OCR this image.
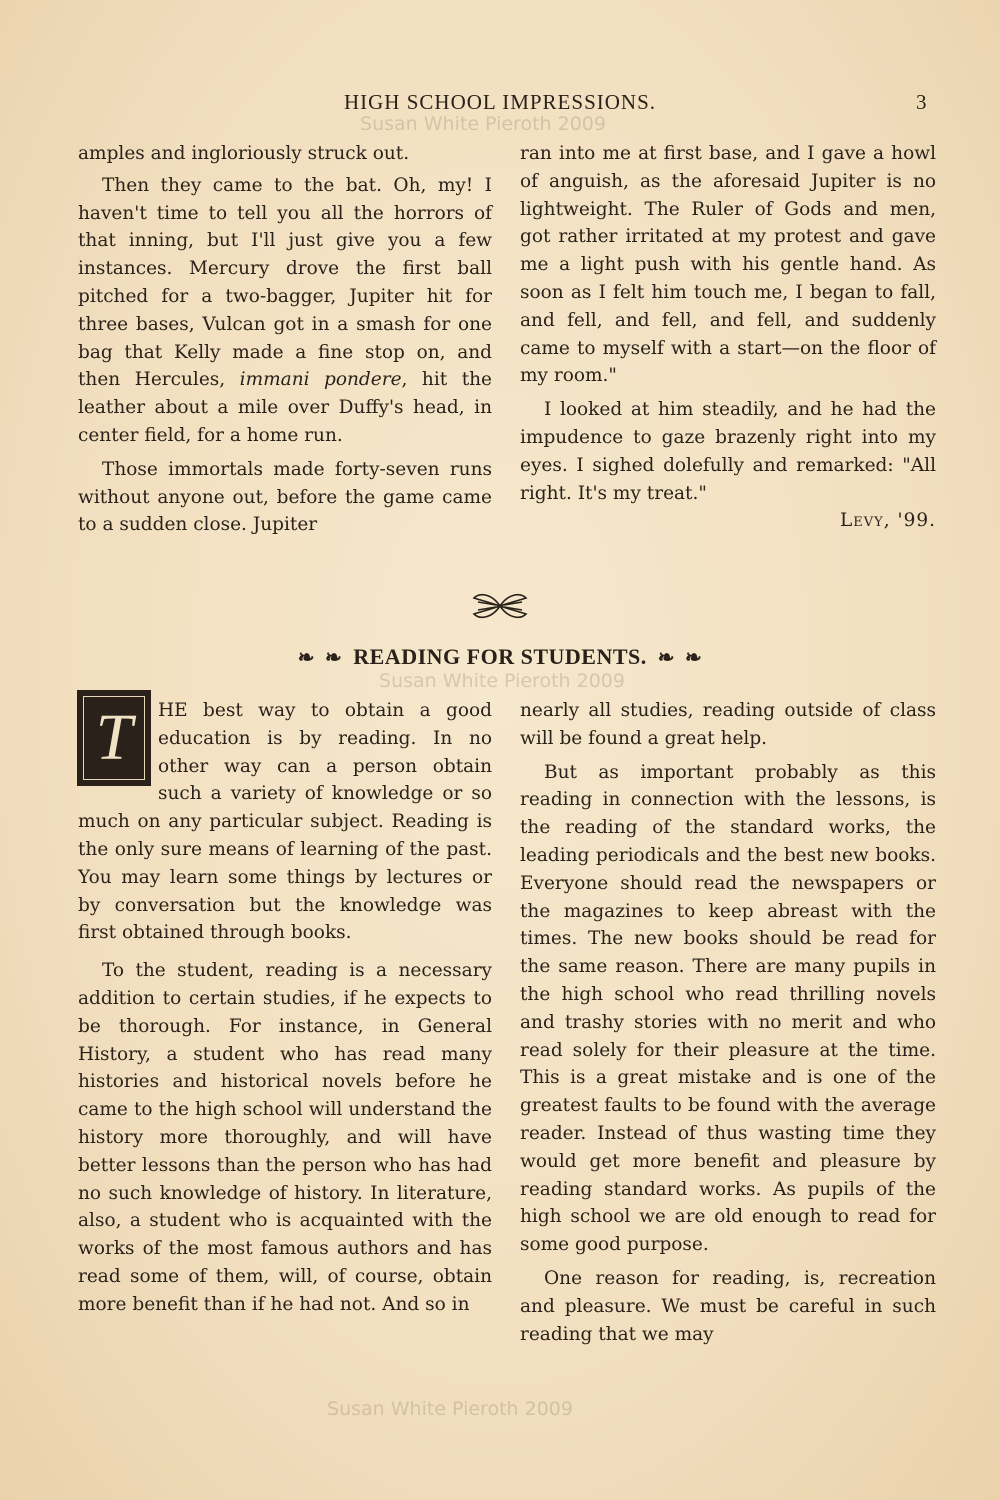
HIGH SCHOOL IMPRESSIONS.	3
Susan White Pieroth 2009
Susan White Pieroth 2009
Susan White Pieroth 2009

amples and ingloriously struck out.

Then they came to the bat. Oh, my! I haven't time to tell you all the horrors of that inning, but I'll just give you a few instances. Mercury drove the first ball pitched for a two-bagger, Jupiter hit for three bases, Vulcan got in a smash for one bag that Kelly made a fine stop on, and then Hercules, immani pondere, hit the leather about a mile over Duffy's head, in center field, for a home run.

Those immortals made forty-seven runs without anyone out, before the game came to a sudden close. Jupiter

ran into me at first base, and I gave a howl of anguish, as the aforesaid Jupiter is no lightweight. The Ruler of Gods and men, got rather irritated at my protest and gave me a light push with his gentle hand. As soon as I felt him touch me, I began to fall, and fell, and fell, and fell, and suddenly came to myself with a start—on the floor of my room."

I looked at him steadily, and he had the impudence to gaze brazenly right into my eyes. I sighed dolefully and remarked: "All right. It's my treat."

Levy, '99.

❧ ❧ READING FOR STUDENTS. ❧ ❧
T	HE best way to obtain a good education is by reading. In no other way can a person obtain such a variety of knowledge or so much on any particular subject. Reading is the only sure means of learning of the past. You may learn some things by lectures or by conversation but the knowledge was first obtained through books.

To the student, reading is a necessary addition to certain studies, if he expects to be thorough. For instance, in General History, a student who has read many histories and historical novels before he came to the high school will understand the history more thoroughly, and will have better lessons than the person who has had no such knowledge of history. In literature, also, a student who is acquainted with the works of the most famous authors and has read some of them, will, of course, obtain more benefit than if he had not. And so in

nearly all studies, reading outside of class will be found a great help.

But as important probably as this reading in connection with the lessons, is the reading of the standard works, the leading periodicals and the best new books. Everyone should read the newspapers or the magazines to keep abreast with the times. The new books should be read for the same reason. There are many pupils in the high school who read thrilling novels and trashy stories with no merit and who read solely for their pleasure at the time. This is a great mistake and is one of the greatest faults to be found with the average reader. Instead of thus wasting time they would get more benefit and pleasure by reading standard works. As pupils of the high school we are old enough to read for some good purpose.

One reason for reading, is, recreation and pleasure. We must be careful in such reading that we may
